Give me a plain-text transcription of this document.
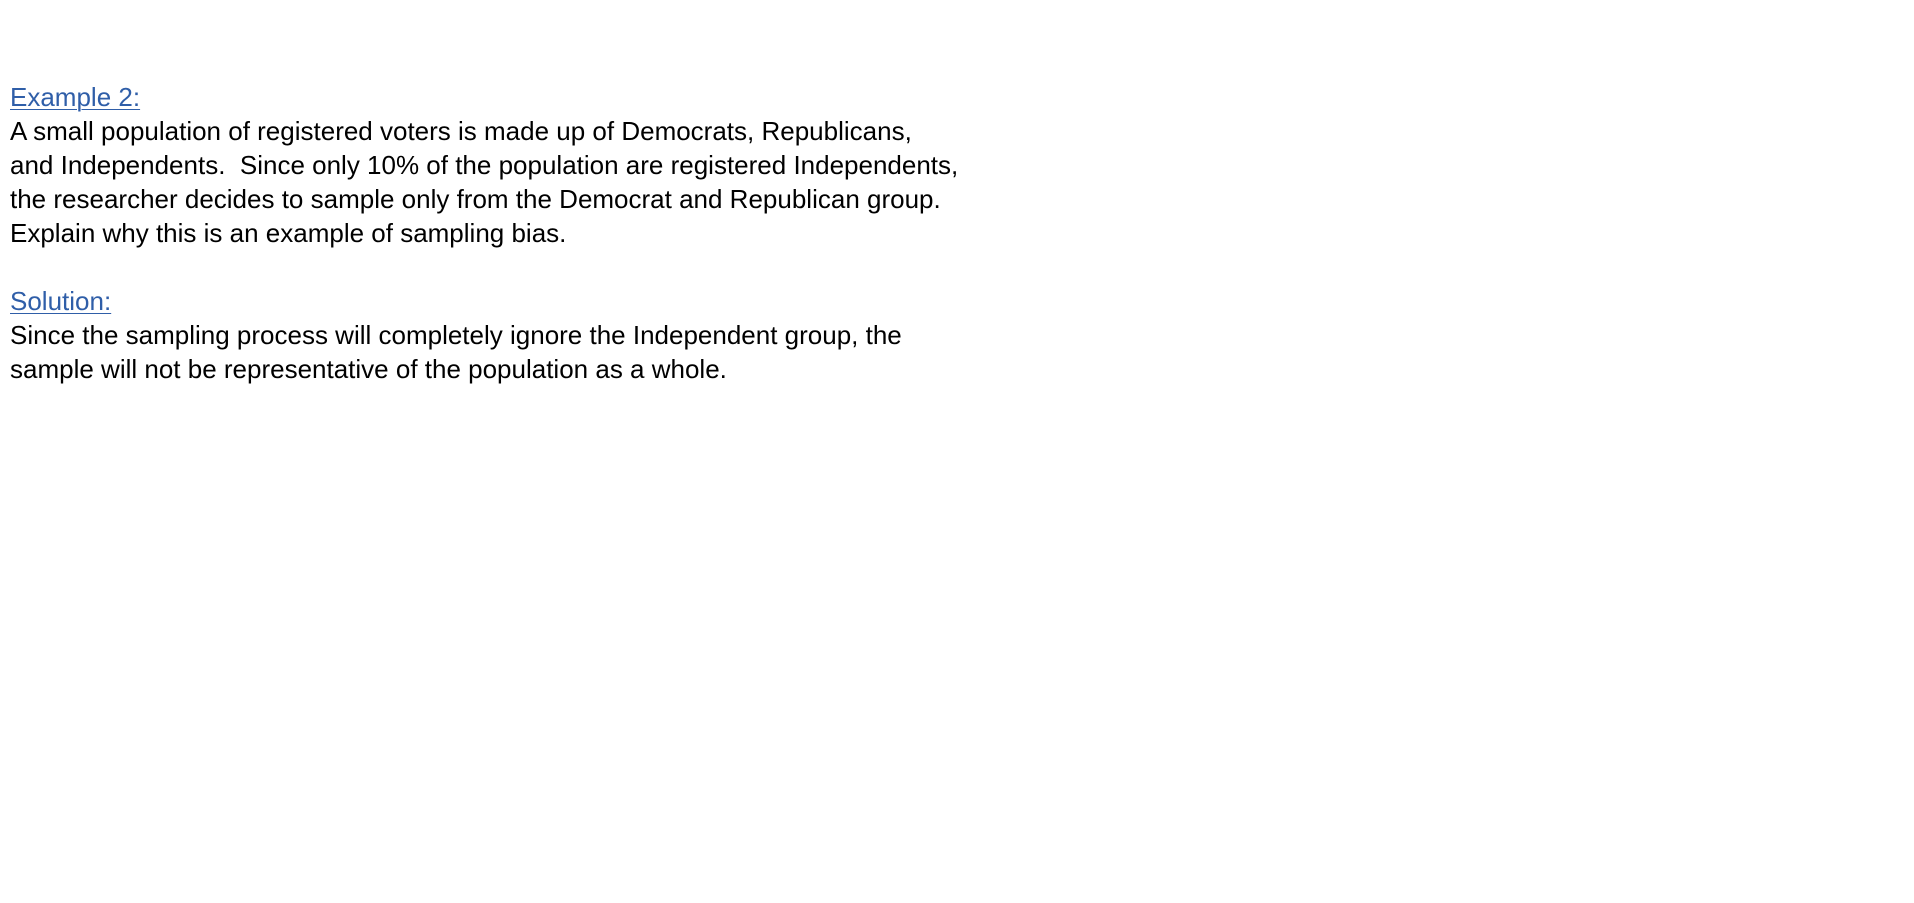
Example 2:
A small population of registered voters is made up of Democrats, Republicans,
and Independents.  Since only 10% of the population are registered Independents,
the researcher decides to sample only from the Democrat and Republican group.
Explain why this is an example of sampling bias.
Solution:
Since the sampling process will completely ignore the Independent group, the
sample will not be representative of the population as a whole.
